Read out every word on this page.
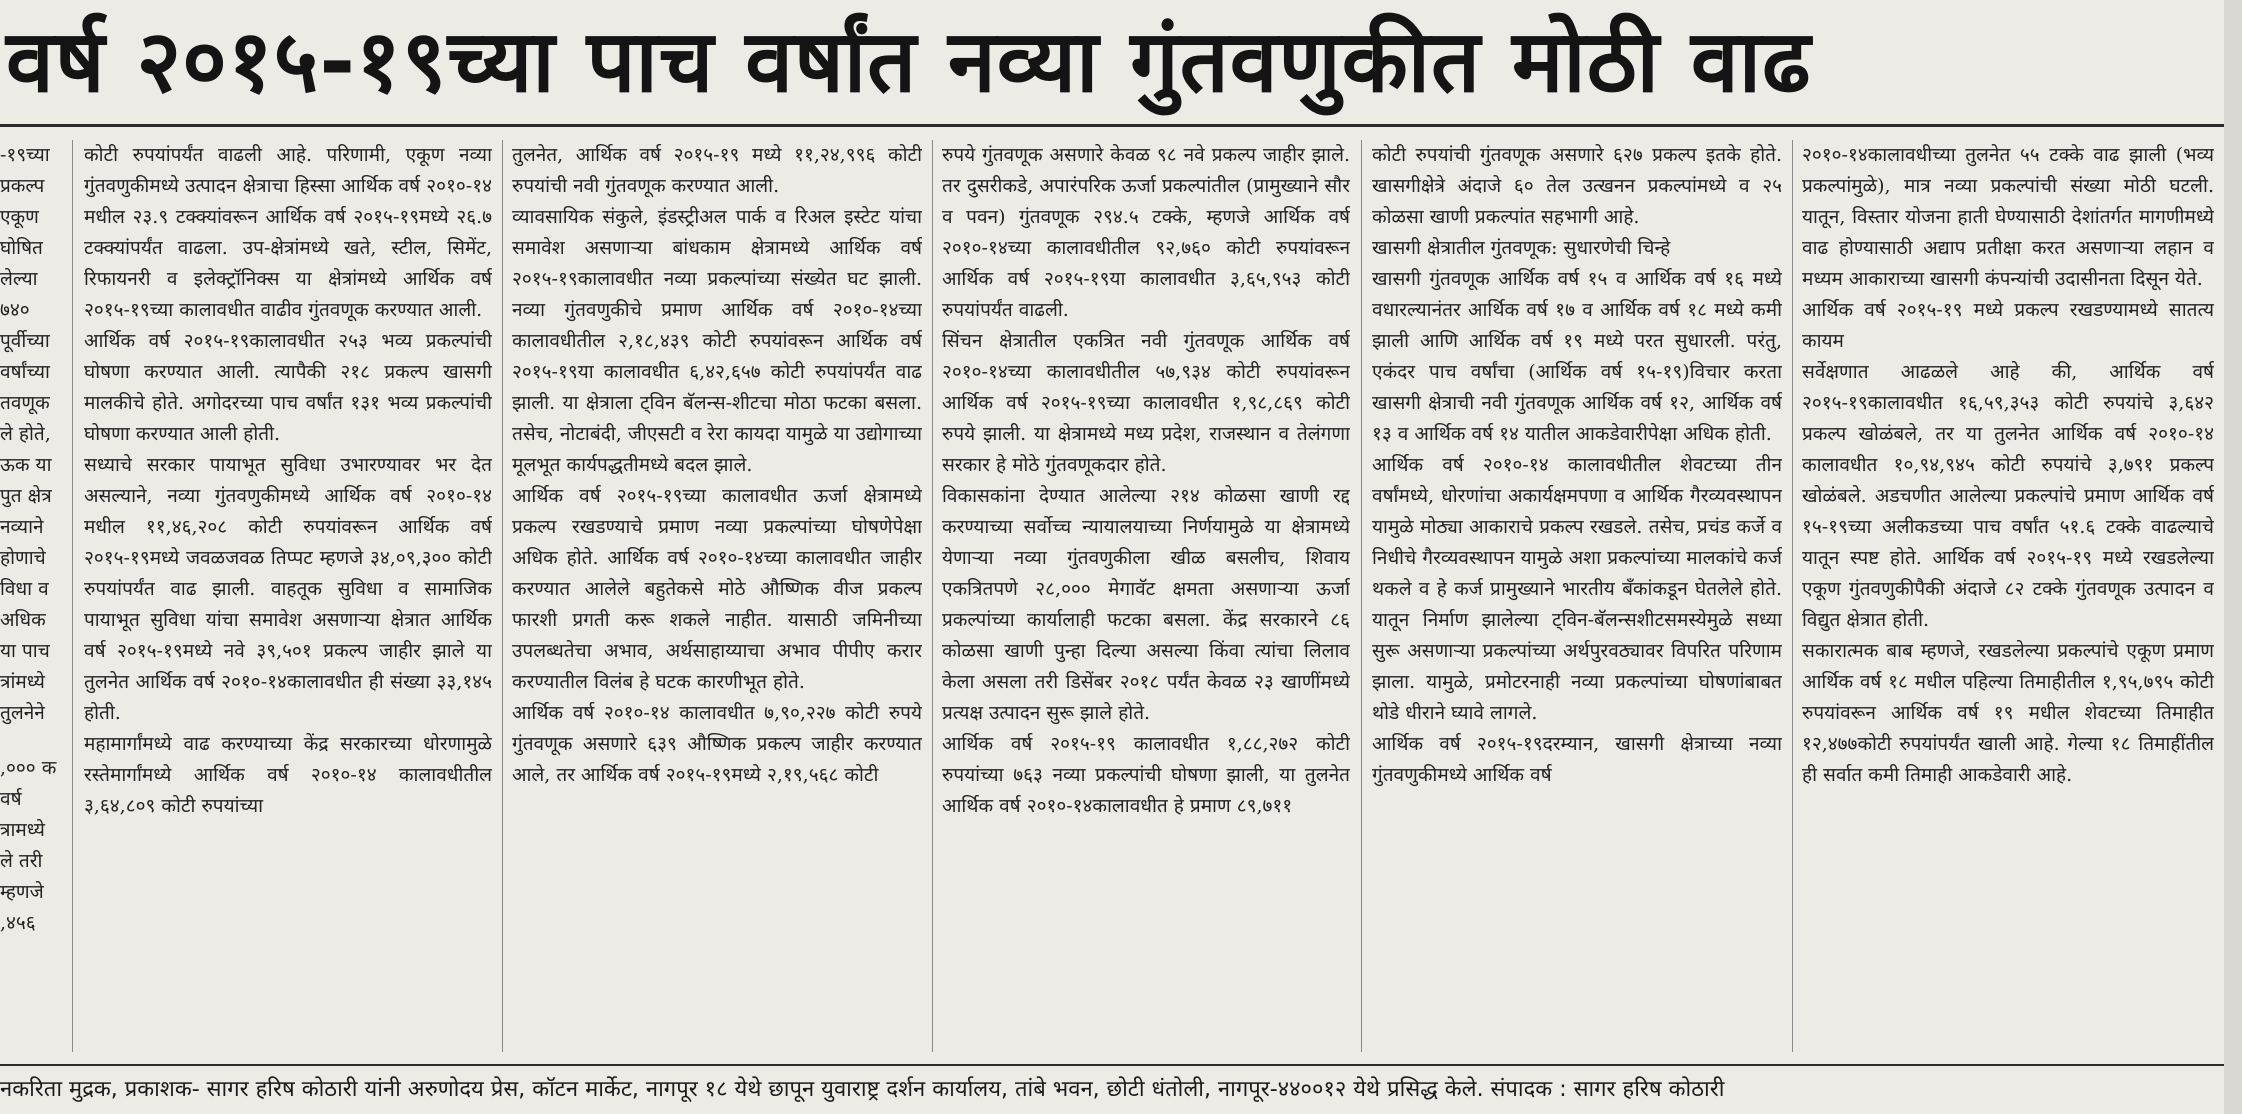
वर्ष २०१५-१९च्या पाच वर्षांत नव्या गुंतवणुकीत मोठी वाढ

-१९च्या प्रकल्प एकूण घोषित लेल्या ७४० पूर्वीच्या वर्षांच्या तवणूक ले होते, ऊक या पुत क्षेत्र नव्याने होणाचे विधा व अधिक या पाच त्रांमध्ये तुलनेने

,००० क वर्ष त्रामध्ये ले तरी म्हणजे ,४५६

कोटी रुपयांपर्यंत वाढली आहे. परिणामी, एकूण नव्या गुंतवणुकीमध्ये उत्पादन क्षेत्राचा हिस्सा आर्थिक वर्ष २०१०-१४ मधील २३.९ टक्क्यांवरून आर्थिक वर्ष २०१५-१९मध्ये २६.७ टक्क्यांपर्यंत वाढला. उप-क्षेत्रांमध्ये खते, स्टील, सिमेंट, रिफायनरी व इलेक्ट्रॉनिक्स या क्षेत्रांमध्ये आर्थिक वर्ष २०१५-१९च्या कालावधीत वाढीव गुंतवणूक करण्यात आली.

आर्थिक वर्ष २०१५-१९कालावधीत २५३ भव्य प्रकल्पांची घोषणा करण्यात आली. त्यापैकी २१८ प्रकल्प खासगी मालकीचे होते. अगोदरच्या पाच वर्षांत १३१ भव्य प्रकल्पांची घोषणा करण्यात आली होती.

सध्याचे सरकार पायाभूत सुविधा उभारण्यावर भर देत असल्याने, नव्या गुंतवणुकीमध्ये आर्थिक वर्ष २०१०-१४ मधील ११,४६,२०८ कोटी रुपयांवरून आर्थिक वर्ष २०१५-१९मध्ये जवळजवळ तिप्पट म्हणजे ३४,०९,३०० कोटी रुपयांपर्यंत वाढ झाली. वाहतूक सुविधा व सामाजिक पायाभूत सुविधा यांचा समावेश असणाऱ्या क्षेत्रात आर्थिक वर्ष २०१५-१९मध्ये नवे ३९,५०१ प्रकल्प जाहीर झाले या तुलनेत आर्थिक वर्ष २०१०-१४कालावधीत ही संख्या ३३,१४५ होती.

महामार्गांमध्ये वाढ करण्याच्या केंद्र सरकारच्या धोरणामुळे रस्तेमार्गांमध्ये आर्थिक वर्ष २०१०-१४ कालावधीतील ३,६४,८०९ कोटी रुपयांच्या

तुलनेत, आर्थिक वर्ष २०१५-१९ मध्ये ११,२४,९९६ कोटी रुपयांची नवी गुंतवणूक करण्यात आली.

व्यावसायिक संकुले, इंडस्ट्रीअल पार्क व रिअल इस्टेट यांचा समावेश असणाऱ्या बांधकाम क्षेत्रामध्ये आर्थिक वर्ष २०१५-१९कालावधीत नव्या प्रकल्पांच्या संख्येत घट झाली. नव्या गुंतवणुकीचे प्रमाण आर्थिक वर्ष २०१०-१४च्या कालावधीतील २,१८,४३९ कोटी रुपयांवरून आर्थिक वर्ष २०१५-१९या कालावधीत ६,४२,६५७ कोटी रुपयांपर्यंत वाढ झाली. या क्षेत्राला ट्विन बॅलन्स-शीटचा मोठा फटका बसला. तसेच, नोटाबंदी, जीएसटी व रेरा कायदा यामुळे या उद्योगाच्या मूलभूत कार्यपद्धतीमध्ये बदल झाले.

आर्थिक वर्ष २०१५-१९च्या कालावधीत ऊर्जा क्षेत्रामध्ये प्रकल्प रखडण्याचे प्रमाण नव्या प्रकल्पांच्या घोषणेपेक्षा अधिक होते. आर्थिक वर्ष २०१०-१४च्या कालावधीत जाहीर करण्यात आलेले बहुतेकसे मोठे औष्णिक वीज प्रकल्प फारशी प्रगती करू शकले नाहीत. यासाठी जमिनीच्या उपलब्धतेचा अभाव, अर्थसाहाय्याचा अभाव पीपीए करार करण्यातील विलंब हे घटक कारणीभूत होते.

आर्थिक वर्ष २०१०-१४ कालावधीत ७,९०,२२७ कोटी रुपये गुंतवणूक असणारे ६३९ औष्णिक प्रकल्प जाहीर करण्यात आले, तर आर्थिक वर्ष २०१५-१९मध्ये २,१९,५६८ कोटी

रुपये गुंतवणूक असणारे केवळ ९८ नवे प्रकल्प जाहीर झाले. तर दुसरीकडे, अपारंपरिक ऊर्जा प्रकल्पांतील (प्रामुख्याने सौर व पवन) गुंतवणूक २९४.५ टक्के, म्हणजे आर्थिक वर्ष २०१०-१४च्या कालावधीतील ९२,७६० कोटी रुपयांवरून आर्थिक वर्ष २०१५-१९या कालावधीत ३,६५,९५३ कोटी रुपयांपर्यंत वाढली.

सिंचन क्षेत्रातील एकत्रित नवी गुंतवणूक आर्थिक वर्ष २०१०-१४च्या कालावधीतील ५७,९३४ कोटी रुपयांवरून आर्थिक वर्ष २०१५-१९च्या कालावधीत १,९८,८६९ कोटी रुपये झाली. या क्षेत्रामध्ये मध्य प्रदेश, राजस्थान व तेलंगणा सरकार हे मोठे गुंतवणूकदार होते.

विकासकांना देण्यात आलेल्या २१४ कोळसा खाणी रद्द करण्याच्या सर्वोच्च न्यायालयाच्या निर्णयामुळे या क्षेत्रामध्ये येणाऱ्या नव्या गुंतवणुकीला खीळ बसलीच, शिवाय एकत्रितपणे २८,००० मेगावॅट क्षमता असणाऱ्या ऊर्जा प्रकल्पांच्या कार्यालाही फटका बसला. केंद्र सरकारने ८६ कोळसा खाणी पुन्हा दिल्या असल्या किंवा त्यांचा लिलाव केला असला तरी डिसेंबर २०१८ पर्यंत केवळ २३ खाणींमध्ये प्रत्यक्ष उत्पादन सुरू झाले होते.

आर्थिक वर्ष २०१५-१९ कालावधीत १,८८,२७२ कोटी रुपयांच्या ७६३ नव्या प्रकल्पांची घोषणा झाली, या तुलनेत आर्थिक वर्ष २०१०-१४कालावधीत हे प्रमाण ८९,७११

कोटी रुपयांची गुंतवणूक असणारे ६२७ प्रकल्प इतके होते. खासगीक्षेत्रे अंदाजे ६० तेल उत्खनन प्रकल्पांमध्ये व २५ कोळसा खाणी प्रकल्पांत सहभागी आहे.

खासगी क्षेत्रातील गुंतवणूक: सुधारणेची चिन्हे

खासगी गुंतवणूक आर्थिक वर्ष १५ व आर्थिक वर्ष १६ मध्ये वधारल्यानंतर आर्थिक वर्ष १७ व आर्थिक वर्ष १८ मध्ये कमी झाली आणि आर्थिक वर्ष १९ मध्ये परत सुधारली. परंतु, एकंदर पाच वर्षांचा (आर्थिक वर्ष १५-१९)विचार करता खासगी क्षेत्राची नवी गुंतवणूक आर्थिक वर्ष १२, आर्थिक वर्ष १३ व आर्थिक वर्ष १४ यातील आकडेवारीपेक्षा अधिक होती.

आर्थिक वर्ष २०१०-१४ कालावधीतील शेवटच्या तीन वर्षांमध्ये, धोरणांचा अकार्यक्षमपणा व आर्थिक गैरव्यवस्थापन यामुळे मोठ्या आकाराचे प्रकल्प रखडले. तसेच, प्रचंड कर्जे व निधीचे गैरव्यवस्थापन यामुळे अशा प्रकल्पांच्या मालकांचे कर्ज थकले व हे कर्ज प्रामुख्याने भारतीय बँकांकडून घेतलेले होते. यातून निर्माण झालेल्या ट्विन-बॅलन्सशीटसमस्येमुळे सध्या सुरू असणाऱ्या प्रकल्पांच्या अर्थपुरवठ्यावर विपरित परिणाम झाला. यामुळे, प्रमोटरनाही नव्या प्रकल्पांच्या घोषणांबाबत थोडे धीराने घ्यावे लागले.

आर्थिक वर्ष २०१५-१९दरम्यान, खासगी क्षेत्राच्या नव्या गुंतवणुकीमध्ये आर्थिक वर्ष

२०१०-१४कालावधीच्या तुलनेत ५५ टक्के वाढ झाली (भव्य प्रकल्पांमुळे), मात्र नव्या प्रकल्पांची संख्या मोठी घटली. यातून, विस्तार योजना हाती घेण्यासाठी देशांतर्गत मागणीमध्ये वाढ होण्यासाठी अद्याप प्रतीक्षा करत असणाऱ्या लहान व मध्यम आकाराच्या खासगी कंपन्यांची उदासीनता दिसून येते.

आर्थिक वर्ष २०१५-१९ मध्ये प्रकल्प रखडण्यामध्ये सातत्य कायम

सर्वेक्षणात आढळले आहे की, आर्थिक वर्ष २०१५-१९कालावधीत १६,५९,३५३ कोटी रुपयांचे ३,६४२ प्रकल्प खोळंबले, तर या तुलनेत आर्थिक वर्ष २०१०-१४ कालावधीत १०,९४,९४५ कोटी रुपयांचे ३,७९१ प्रकल्प खोळंबले. अडचणीत आलेल्या प्रकल्पांचे प्रमाण आर्थिक वर्ष १५-१९च्या अलीकडच्या पाच वर्षांत ५१.६ टक्के वाढल्याचे यातून स्पष्ट होते. आर्थिक वर्ष २०१५-१९ मध्ये रखडलेल्या एकूण गुंतवणुकीपैकी अंदाजे ८२ टक्के गुंतवणूक उत्पादन व विद्युत क्षेत्रात होती.

सकारात्मक बाब म्हणजे, रखडलेल्या प्रकल्पांचे एकूण प्रमाण आर्थिक वर्ष १८ मधील पहिल्या तिमाहीतील १,९५,७९५ कोटी रुपयांवरून आर्थिक वर्ष १९ मधील शेवटच्या तिमाहीत १२,४७७कोटी रुपयांपर्यंत खाली आहे. गेल्या १८ तिमाहींतील ही सर्वात कमी तिमाही आकडेवारी आहे.

नकरिता मुद्रक, प्रकाशक- सागर हरिष कोठारी यांनी अरुणोदय प्रेस, कॉटन मार्केट, नागपूर १८ येथे छापून युवाराष्ट्र दर्शन कार्यालय, तांबे भवन, छोटी धंतोली, नागपूर-४४००१२ येथे प्रसिद्ध केले. संपादक : सागर हरिष कोठारी
